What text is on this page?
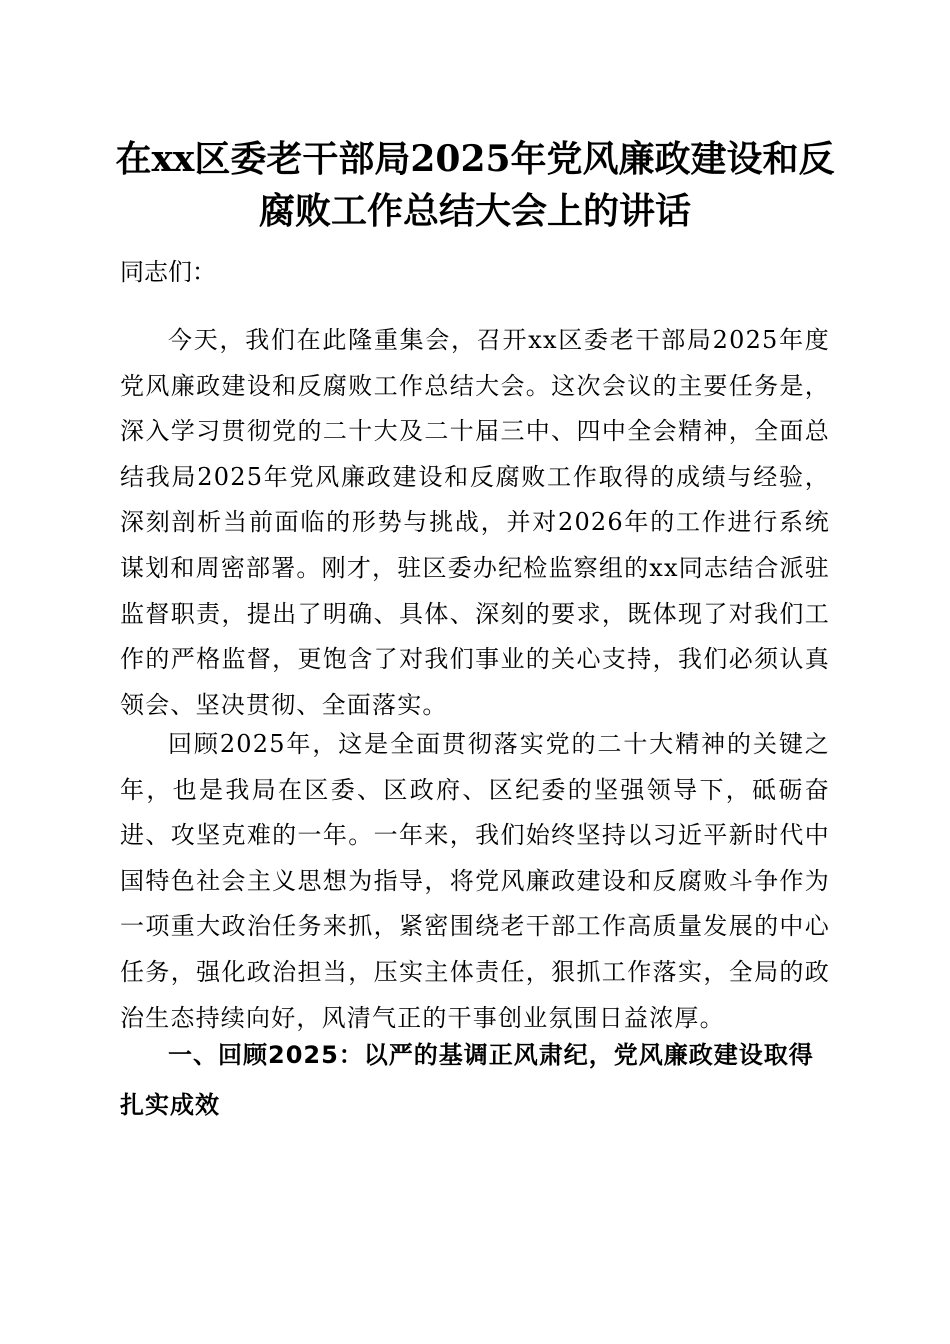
在xx区委老干部局2025年党风廉政建设和反
腐败工作总结大会上的讲话

同志们：

今天，我们在此隆重集会，召开xx区委老干部局2025年度党风廉政建设和反腐败工作总结大会。这次会议的主要任务是，深入学习贯彻党的二十大及二十届三中、四中全会精神，全面总结我局2025年党风廉政建设和反腐败工作取得的成绩与经验，深刻剖析当前面临的形势与挑战，并对2026年的工作进行系统谋划和周密部署。刚才，驻区委办纪检监察组的xx同志结合派驻监督职责，提出了明确、具体、深刻的要求，既体现了对我们工作的严格监督，更饱含了对我们事业的关心支持，我们必须认真领会、坚决贯彻、全面落实。

回顾2025年，这是全面贯彻落实党的二十大精神的关键之年，也是我局在区委、区政府、区纪委的坚强领导下，砥砺奋进、攻坚克难的一年。一年来，我们始终坚持以习近平新时代中国特色社会主义思想为指导，将党风廉政建设和反腐败斗争作为一项重大政治任务来抓，紧密围绕老干部工作高质量发展的中心任务，强化政治担当，压实主体责任，狠抓工作落实，全局的政治生态持续向好，风清气正的干事创业氛围日益浓厚。

一、回顾2025：以严的基调正风肃纪，党风廉政建设取得
扎实成效
